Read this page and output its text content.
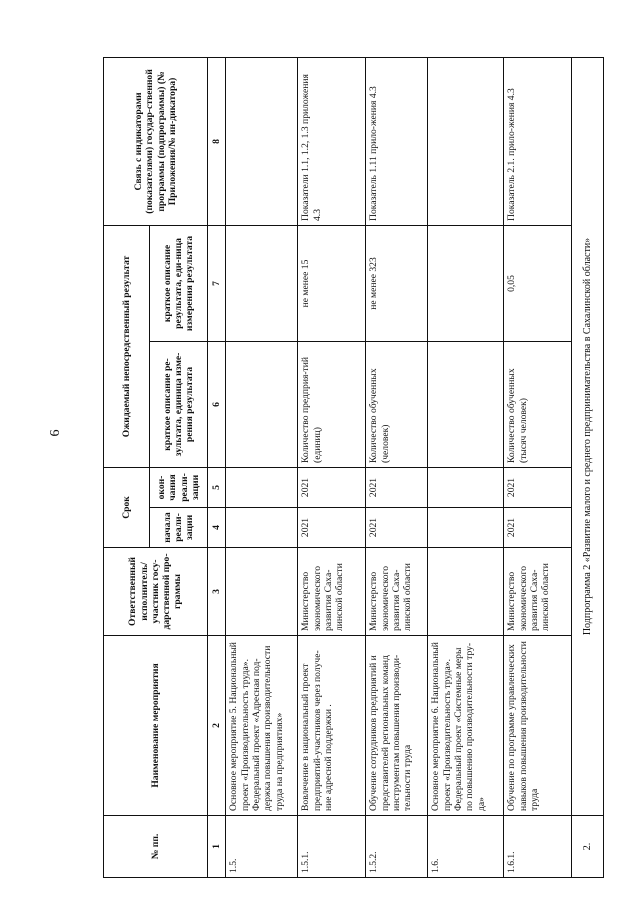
6
№ пп.	Наименование мероприятия	Ответственный исполнитель/ участник госу-дарственной про-граммы	Срок		Ожидаемый непосредственный результат		Связь с индикаторами (показателями) государ-ственной программы (подпрограммы) (№ Приложения/№ ин-дикатора)
			начала реали-зации	окон-чания реали-зации	краткое описание ре-зультата, единица изме-рения результата	краткое описание результата, еди-ница измерения результата	
1	2	3	4	5	6	7	8
1.5.	Основное мероприятие 5. Национальный проект «Производительность труда». Федеральный проект «Адресная под-держка повышения производительности труда на предприятиях»						
1.5.1.	Вовлечение в национальный проект предприятий-участников через получе-ние адресной поддержки .	Министерство экономического развития Саха-линской области	2021	2021	Количество предприя-тий (единиц)	не менее 15	Показатели 1.1, 1.2, 1.3 приложения 4.3
1.5.2.	Обучение сотрудников предприятий и представителей региональных команд инструментам повышения производи-тельности труда	Министерство экономического развития Саха-линской области	2021	2021	Количество обученных (человек)	не менее 323	Показатель 1.11 прило-жения 4.3
1.6.	Основное мероприятие 6. Национальный проект «Производительность труда». Федеральный проект «Системные меры по повышению производительности тру-да»						
1.6.1.	Обучение по программе управленческих навыков повышения производительности труда	Министерство экономического развития Саха-линской области	2021	2021	Количество обученных (тысяч человек)	0,05	Показатель 2.1. прило-жения 4.3
2.	Подпрограмма 2 «Развитие малого и среднего предпринимательства в Сахалинской области»						
